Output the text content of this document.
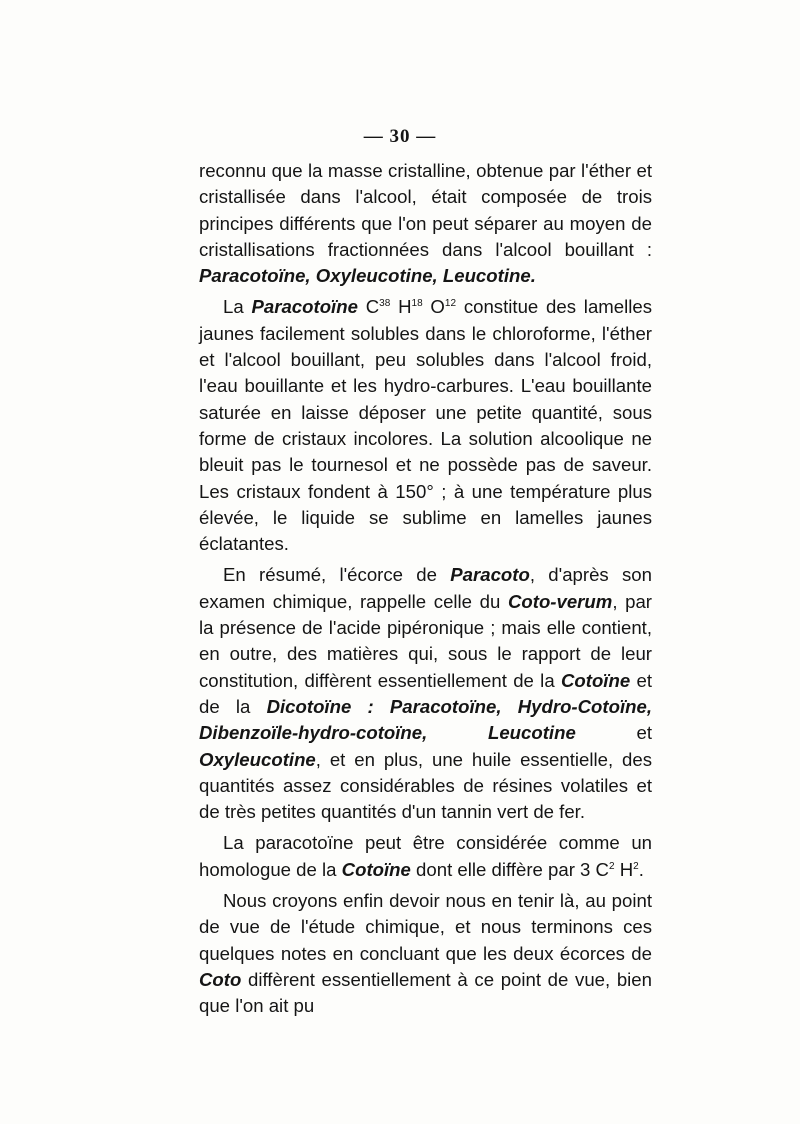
— 30 —

reconnu que la masse cristalline, obtenue par l'éther et cristallisée dans l'alcool, était composée de trois principes différents que l'on peut séparer au moyen de cristallisations fractionnées dans l'alcool bouillant : Paracotoïne, Oxyleucotine, Leucotine.

La Paracotoïne $C^{38}$ $H^{18}$ $O^{12}$ constitue des lamelles jaunes facilement solubles dans le chloroforme, l'éther et l'alcool bouillant, peu solubles dans l'alcool froid, l'eau bouillante et les hydro-carbures. L'eau bouillante saturée en laisse déposer une petite quantité, sous forme de cristaux incolores. La solution alcoolique ne bleuit pas le tournesol et ne possède pas de saveur. Les cristaux fondent à 150° ; à une température plus élevée, le liquide se sublime en lamelles jaunes éclatantes.

En résumé, l'écorce de Paracoto, d'après son examen chimique, rappelle celle du Coto-verum, par la présence de l'acide pipéronique ; mais elle contient, en outre, des matières qui, sous le rapport de leur constitution, diffèrent essentiellement de la Cotoïne et de la Dicotoïne : Paracotoïne, Hydro-Cotoïne, Dibenzoïle-hydro-cotoïne, Leucotine et Oxyleucotine, et en plus, une huile essentielle, des quantités assez considérables de résines volatiles et de très petites quantités d'un tannin vert de fer.

La paracotoïne peut être considérée comme un homologue de la Cotoïne dont elle diffère par 3 $C^2$ $H^2$.

Nous croyons enfin devoir nous en tenir là, au point de vue de l'étude chimique, et nous terminons ces quelques notes en concluant que les deux écorces de Coto diffèrent essentiellement à ce point de vue, bien que l'on ait pu
